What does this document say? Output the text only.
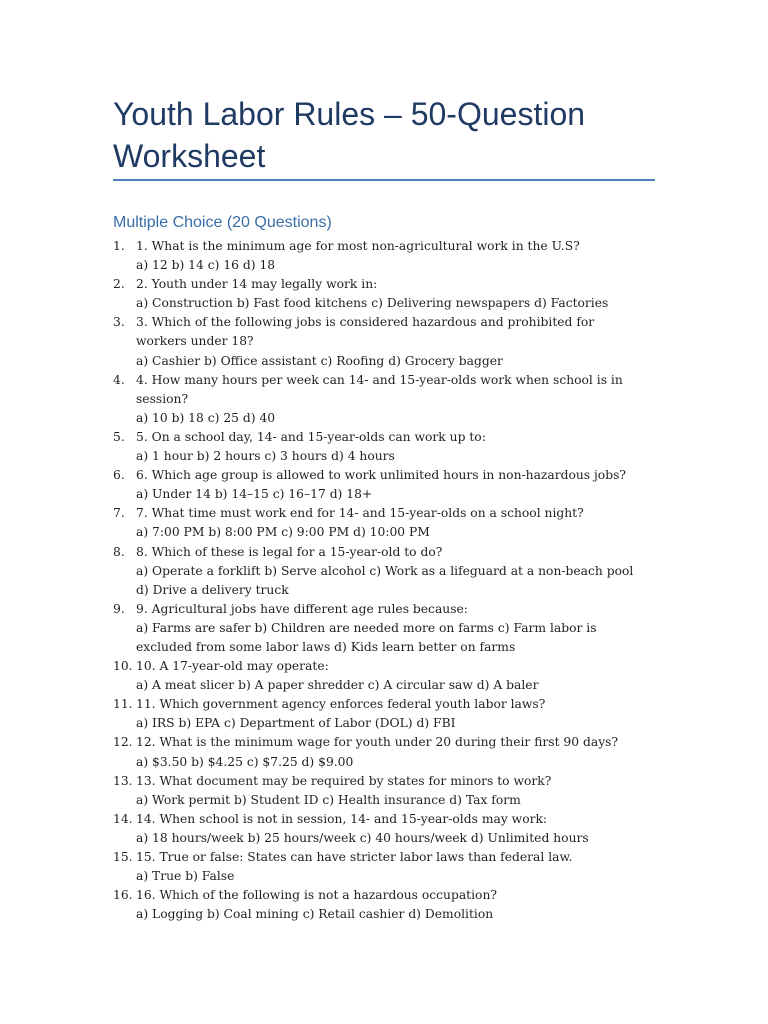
Youth Labor Rules – 50-Question Worksheet
Multiple Choice (20 Questions)
1. 1. What is the minimum age for most non-agricultural work in the U.S?
a) 12 b) 14 c) 16 d) 18
2. 2. Youth under 14 may legally work in:
a) Construction b) Fast food kitchens c) Delivering newspapers d) Factories
3. 3. Which of the following jobs is considered hazardous and prohibited for workers under 18?
a) Cashier b) Office assistant c) Roofing d) Grocery bagger
4. 4. How many hours per week can 14- and 15-year-olds work when school is in session?
a) 10 b) 18 c) 25 d) 40
5. 5. On a school day, 14- and 15-year-olds can work up to:
a) 1 hour b) 2 hours c) 3 hours d) 4 hours
6. 6. Which age group is allowed to work unlimited hours in non-hazardous jobs?
a) Under 14 b) 14–15 c) 16–17 d) 18+
7. 7. What time must work end for 14- and 15-year-olds on a school night?
a) 7:00 PM b) 8:00 PM c) 9:00 PM d) 10:00 PM
8. 8. Which of these is legal for a 15-year-old to do?
a) Operate a forklift b) Serve alcohol c) Work as a lifeguard at a non-beach pool d) Drive a delivery truck
9. 9. Agricultural jobs have different age rules because:
a) Farms are safer b) Children are needed more on farms c) Farm labor is excluded from some labor laws d) Kids learn better on farms
10. 10. A 17-year-old may operate:
a) A meat slicer b) A paper shredder c) A circular saw d) A baler
11. 11. Which government agency enforces federal youth labor laws?
a) IRS b) EPA c) Department of Labor (DOL) d) FBI
12. 12. What is the minimum wage for youth under 20 during their first 90 days?
a) $3.50 b) $4.25 c) $7.25 d) $9.00
13. 13. What document may be required by states for minors to work?
a) Work permit b) Student ID c) Health insurance d) Tax form
14. 14. When school is not in session, 14- and 15-year-olds may work:
a) 18 hours/week b) 25 hours/week c) 40 hours/week d) Unlimited hours
15. 15. True or false: States can have stricter labor laws than federal law.
a) True b) False
16. 16. Which of the following is not a hazardous occupation?
a) Logging b) Coal mining c) Retail cashier d) Demolition
